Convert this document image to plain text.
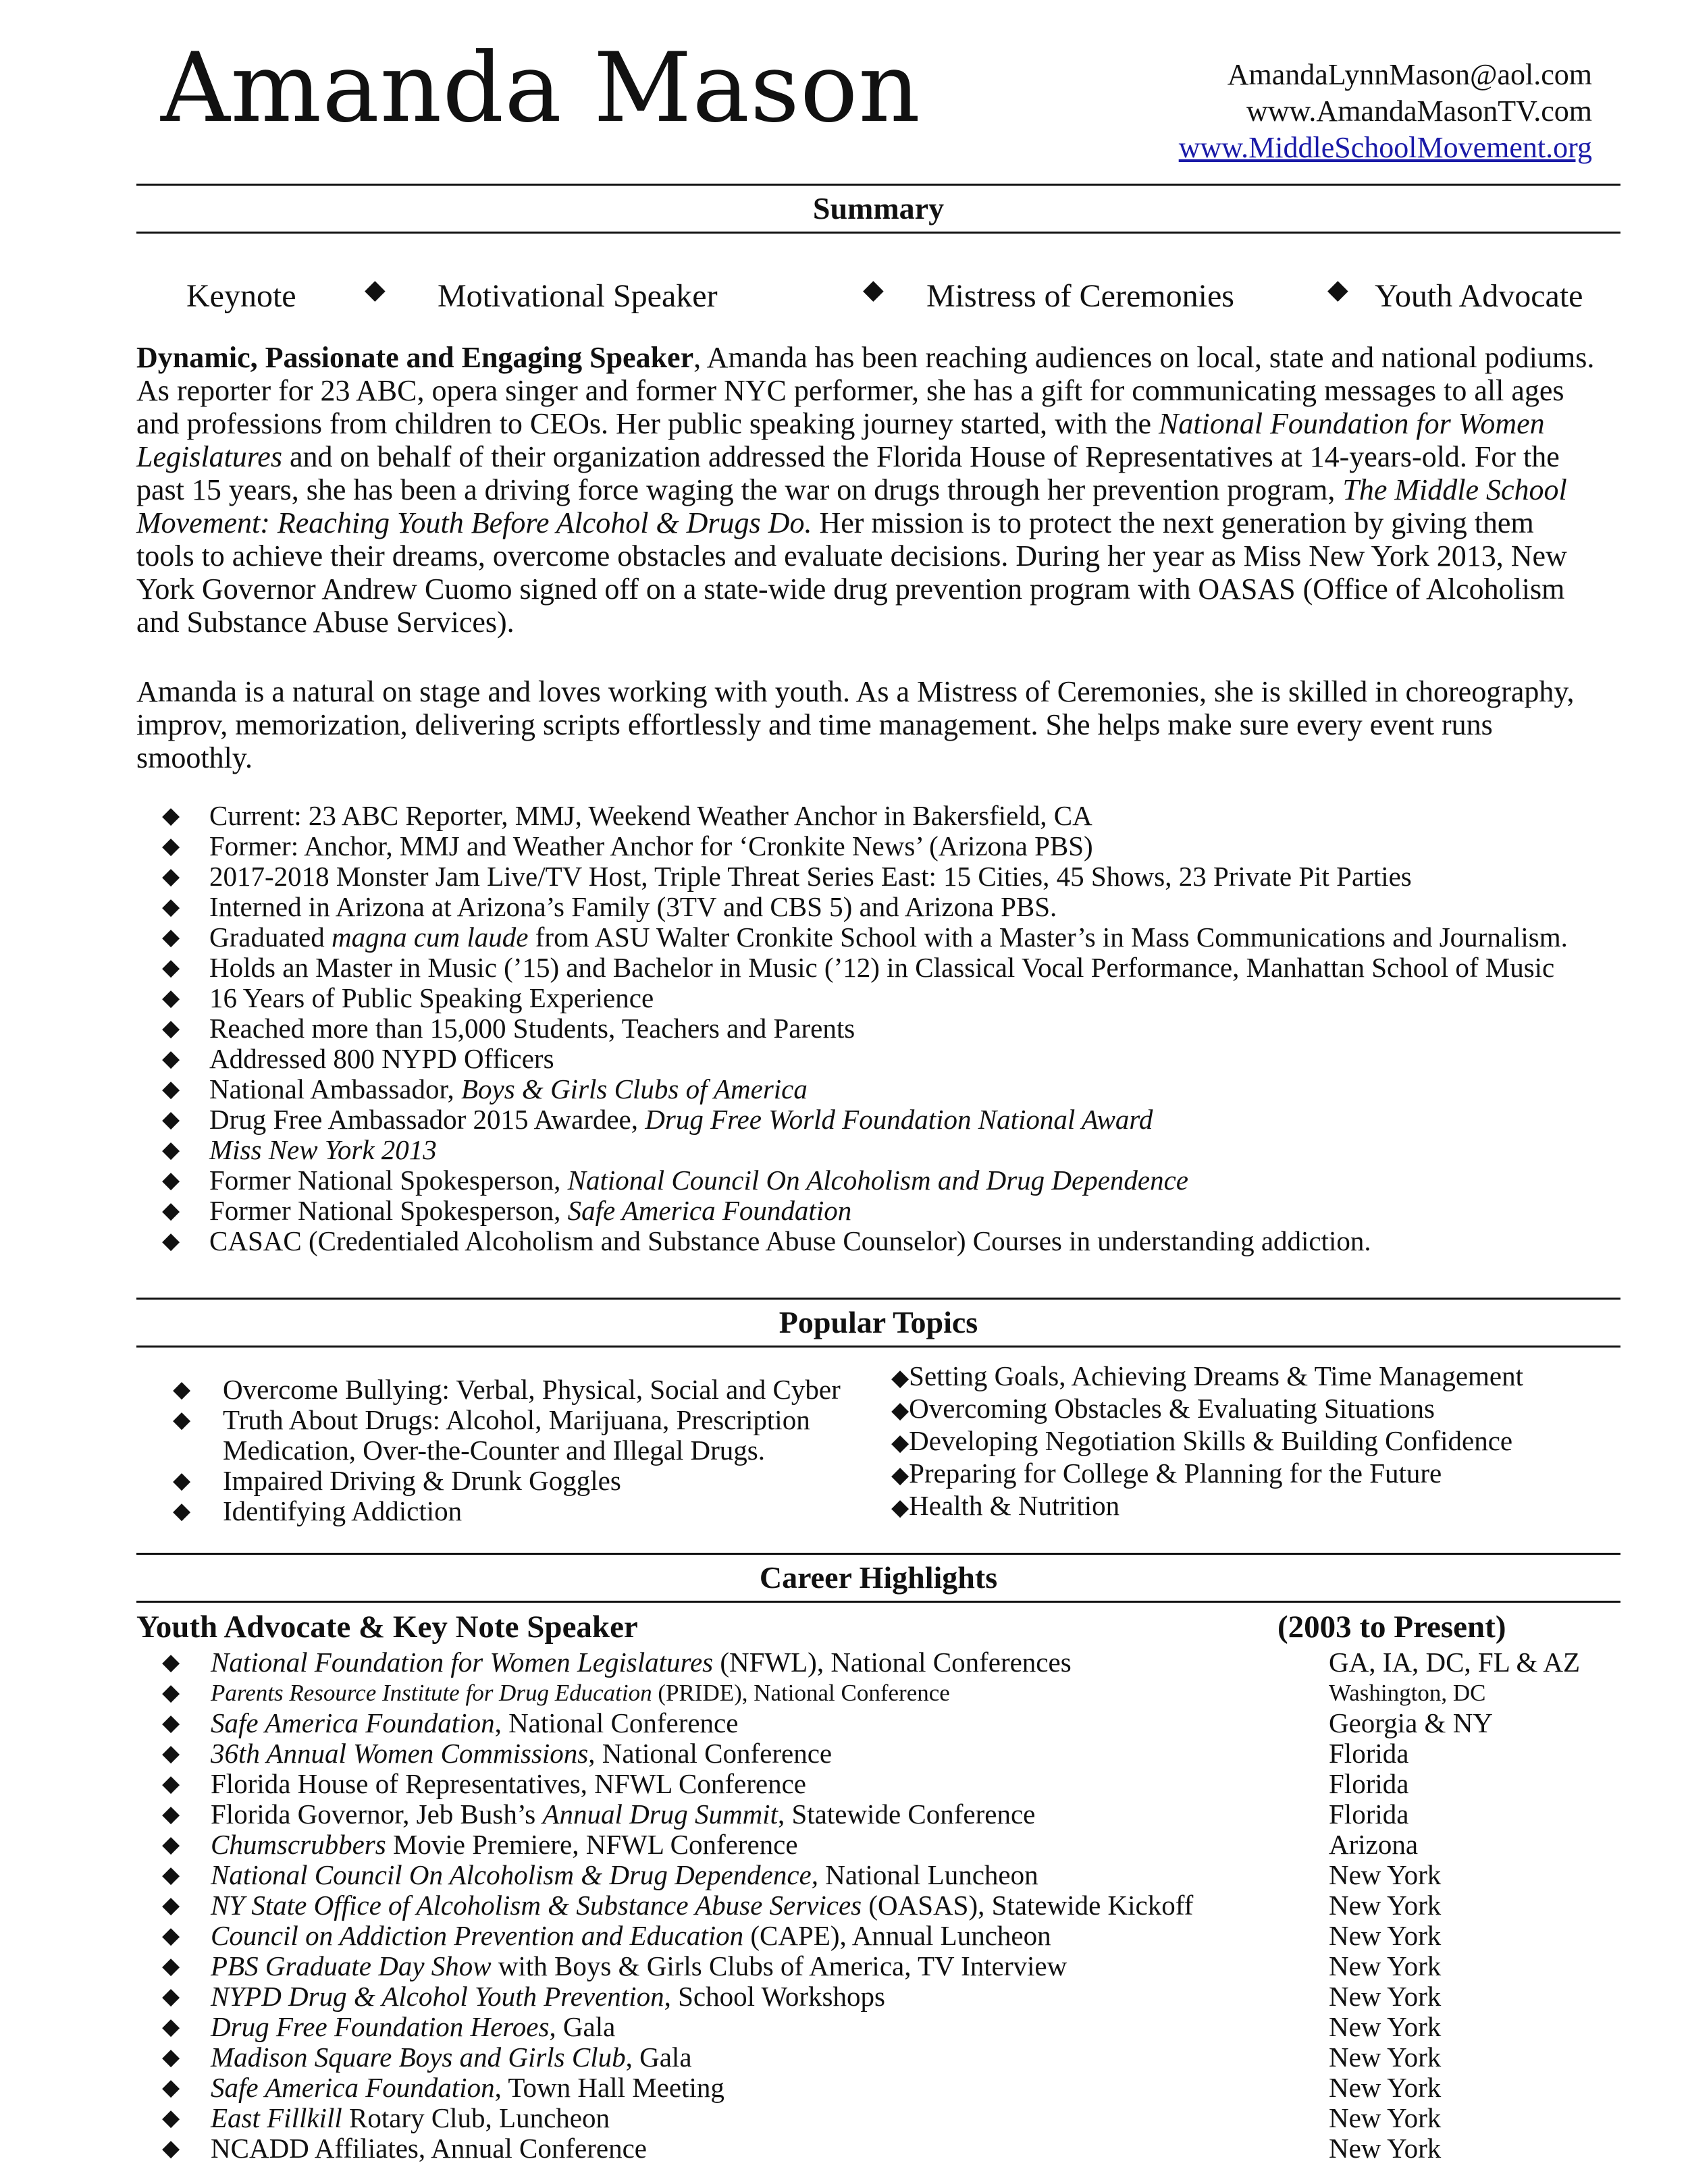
Amanda Mason	AmandaLynnMason@aol.com
www.AmandaMasonTV.com
www.MiddleSchoolMovement.org
Summary
Keynote	◆ Motivational Speaker	◆ Mistress of Ceremonies	◆ Youth Advocate
Dynamic, Passionate and Engaging Speaker, Amanda has been reaching audiences on local, state and national podiums.
As reporter for 23 ABC, opera singer and former NYC performer, she has a gift for communicating messages to all ages
and professions from children to CEOs. Her public speaking journey started, with the National Foundation for Women
Legislatures and on behalf of their organization addressed the Florida House of Representatives at 14-years-old. For the
past 15 years, she has been a driving force waging the war on drugs through her prevention program, The Middle School
Movement: Reaching Youth Before Alcohol & Drugs Do. Her mission is to protect the next generation by giving them
tools to achieve their dreams, overcome obstacles and evaluate decisions. During her year as Miss New York 2013, New
York Governor Andrew Cuomo signed off on a state-wide drug prevention program with OASAS (Office of Alcoholism
and Substance Abuse Services).
Amanda is a natural on stage and loves working with youth. As a Mistress of Ceremonies, she is skilled in choreography,
improv, memorization, delivering scripts effortlessly and time management. She helps make sure every event runs
smoothly.
◆ Current: 23 ABC Reporter, MMJ, Weekend Weather Anchor in Bakersfield, CA
◆ Former: Anchor, MMJ and Weather Anchor for ‘Cronkite News’ (Arizona PBS)
◆ 2017-2018 Monster Jam Live/TV Host, Triple Threat Series East: 15 Cities, 45 Shows, 23 Private Pit Parties
◆ Interned in Arizona at Arizona’s Family (3TV and CBS 5) and Arizona PBS.
◆ Graduated magna cum laude from ASU Walter Cronkite School with a Master’s in Mass Communications and Journalism.
◆ Holds an Master in Music (’15) and Bachelor in Music (’12) in Classical Vocal Performance, Manhattan School of Music
◆ 16 Years of Public Speaking Experience
◆ Reached more than 15,000 Students, Teachers and Parents
◆ Addressed 800 NYPD Officers
◆ National Ambassador, Boys & Girls Clubs of America
◆ Drug Free Ambassador 2015 Awardee, Drug Free World Foundation National Award
◆ Miss New York 2013
◆ Former National Spokesperson, National Council On Alcoholism and Drug Dependence
◆ Former National Spokesperson, Safe America Foundation
◆ CASAC (Credentialed Alcoholism and Substance Abuse Counselor) Courses in understanding addiction.
Popular Topics
◆ Overcome Bullying: Verbal, Physical, Social and Cyber
◆ Truth About Drugs: Alcohol, Marijuana, Prescription
Medication, Over-the-Counter and Illegal Drugs.
◆ Impaired Driving & Drunk Goggles
◆ Identifying Addiction
◆Setting Goals, Achieving Dreams & Time Management
◆Overcoming Obstacles & Evaluating Situations
◆Developing Negotiation Skills & Building Confidence
◆Preparing for College & Planning for the Future
◆Health & Nutrition
Career Highlights
Youth Advocate & Key Note Speaker	(2003 to Present)
◆ National Foundation for Women Legislatures (NFWL), National Conferences	GA, IA, DC, FL & AZ
◆ Parents Resource Institute for Drug Education (PRIDE), National Conference	Washington, DC
◆ Safe America Foundation, National Conference	Georgia & NY
◆ 36th Annual Women Commissions, National Conference	Florida
◆ Florida House of Representatives, NFWL Conference	Florida
◆ Florida Governor, Jeb Bush’s Annual Drug Summit, Statewide Conference	Florida
◆ Chumscrubbers Movie Premiere, NFWL Conference	Arizona
◆ National Council On Alcoholism & Drug Dependence, National Luncheon	New York
◆ NY State Office of Alcoholism & Substance Abuse Services (OASAS), Statewide Kickoff	New York
◆ Council on Addiction Prevention and Education (CAPE), Annual Luncheon	New York
◆ PBS Graduate Day Show with Boys & Girls Clubs of America, TV Interview	New York
◆ NYPD Drug & Alcohol Youth Prevention, School Workshops	New York
◆ Drug Free Foundation Heroes, Gala	New York
◆ Madison Square Boys and Girls Club, Gala	New York
◆ Safe America Foundation, Town Hall Meeting	New York
◆ East Fillkill Rotary Club, Luncheon	New York
◆ NCADD Affiliates, Annual Conference	New York
